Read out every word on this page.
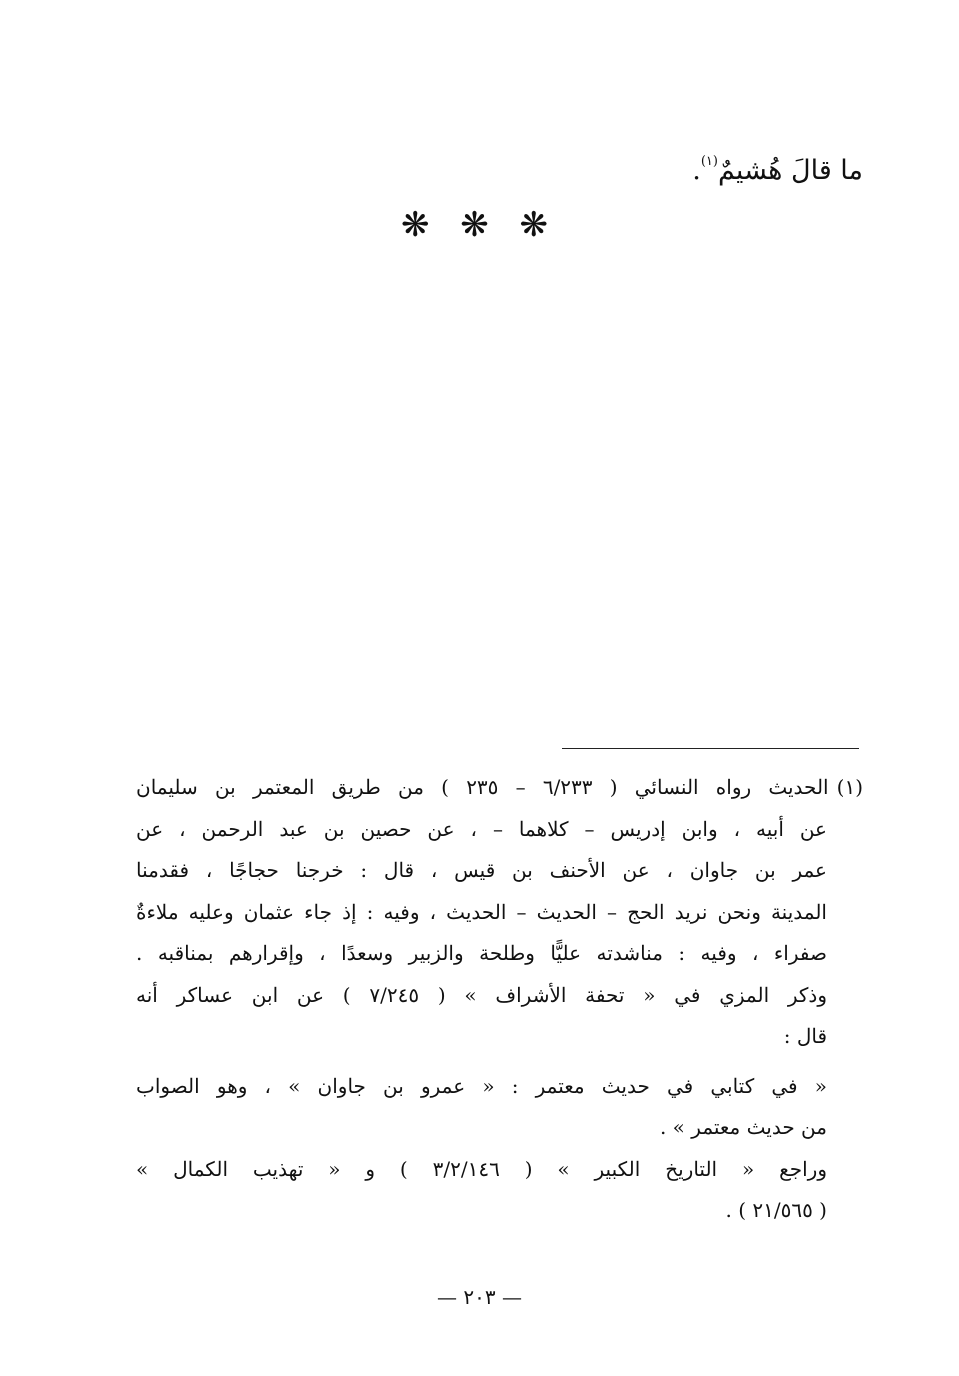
ما قالَ هُشيمٌ$^{(١)}$.
❋ ❋ ❋
(١)الحديث رواه النسائي ( ٦/٢٣٣ – ٢٣٥ ) من طريق المعتمر بن سليمان
عن أبيه ، وابن إدريس – كلاهما – ، عن حصين بن عبد الرحمن ، عن
عمر بن جاوان ، عن الأحنف بن قيس ، قال : خرجنا حجاجًا ، فقدمنا
المدينة ونحن نريد الحج – الحديث – الحديث ، وفيه : إذ جاء عثمان وعليه ملاءةٌ
صفراء ، وفيه : مناشدته عليًّا وطلحة والزبير وسعدًا ، وإقرارهم بمناقبه .
وذكر المزي في « تحفة الأشراف » ( ٧/٢٤٥ ) عن ابن عساكر أنه
قال :
« في كتابي في حديث معتمر : « عمرو بن جاوان » ، وهو الصواب
من حديث معتمر » .
وراجع « التاريخ الكبير » ( ٣/٢/١٤٦ ) و « تهذيب الكمال »
( ٢١/٥٦٥ ) .
— ٢٠٣ —
